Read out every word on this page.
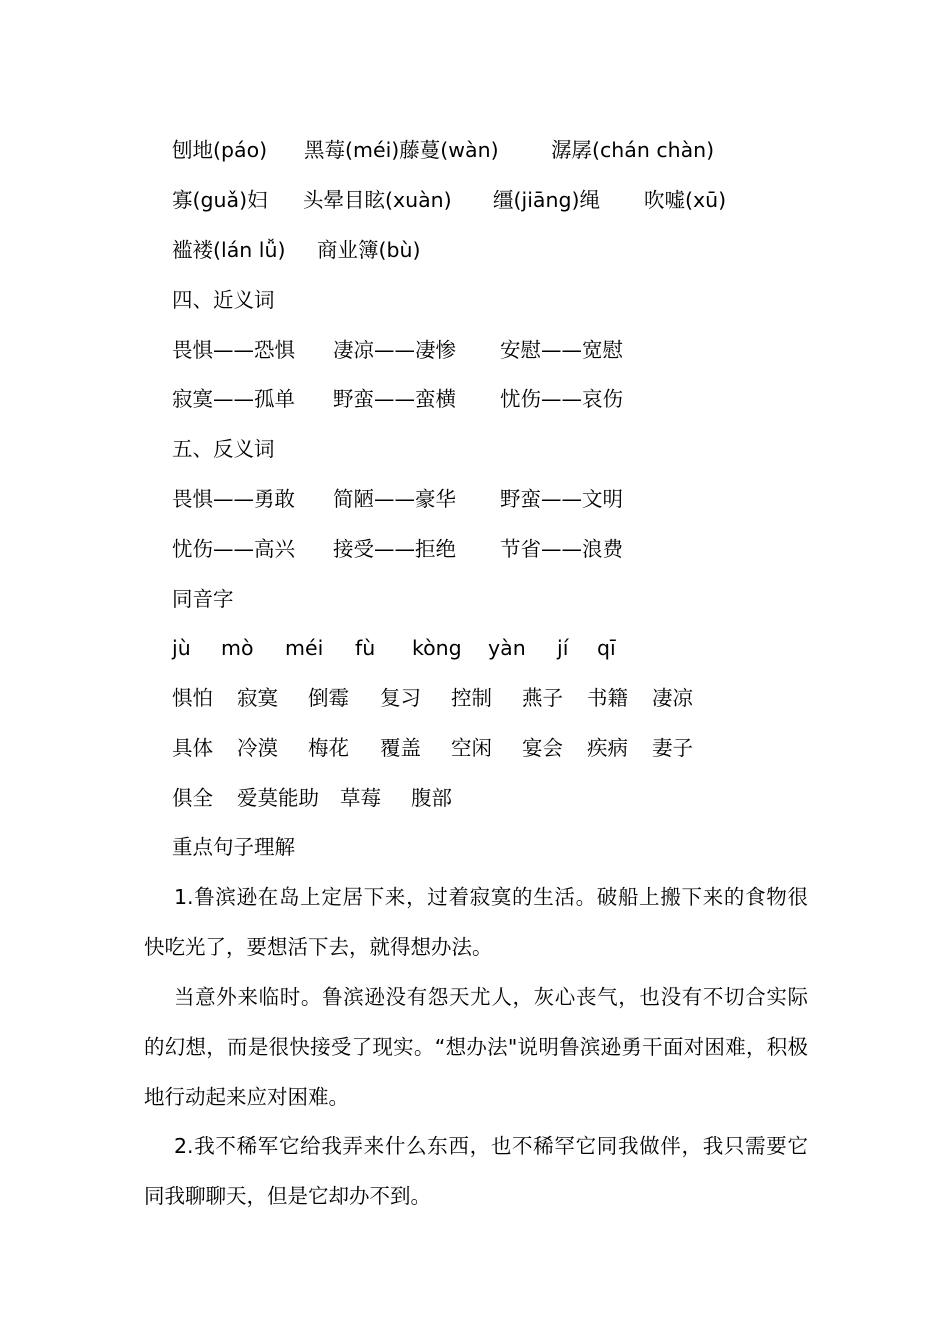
刨地(páo)

黑莓(méi)藤蔓(wàn)

	潺孱(chán chàn)

寡(guǎ)妇

头晕目眩(xuàn)

缰(jiāng)绳

吹嘘(xū)

褴褛(lán lǚ)

商业簿(bù)

四、近义词

畏惧——恐惧

凄凉——凄惨

安慰——宽慰

寂寞——孤单

野蛮——蛮横

忧伤——哀伤

五、反义词

畏惧——勇敢

简陋——豪华

野蛮——文明

忧伤——高兴

接受——拒绝

节省——浪费

同音字

jù

mò

méi

fù

kòng

yàn

jí

qī

惧怕

寂寞

倒霉

复习

控制

燕子

书籍

凄凉

具体

冷漠

梅花

覆盖

空闲

宴会

疾病

妻子

俱全

爱莫能助

草莓

腹部

重点句子理解
1.鲁滨逊在岛上定居下来，过着寂寞的生活。破船上搬下来的食物很快吃光了，要想活下去，就得想办法。
当意外来临时。鲁滨逊没有怨天尤人，灰心丧气，也没有不切合实际的幻想，而是很快接受了现实。“想办法"说明鲁滨逊勇干面对困难，积极地行动起来应对困难。
2.我不稀军它给我弄来什么东西，也不稀罕它同我做伴，我只需要它同我聊聊天，但是它却办不到。
